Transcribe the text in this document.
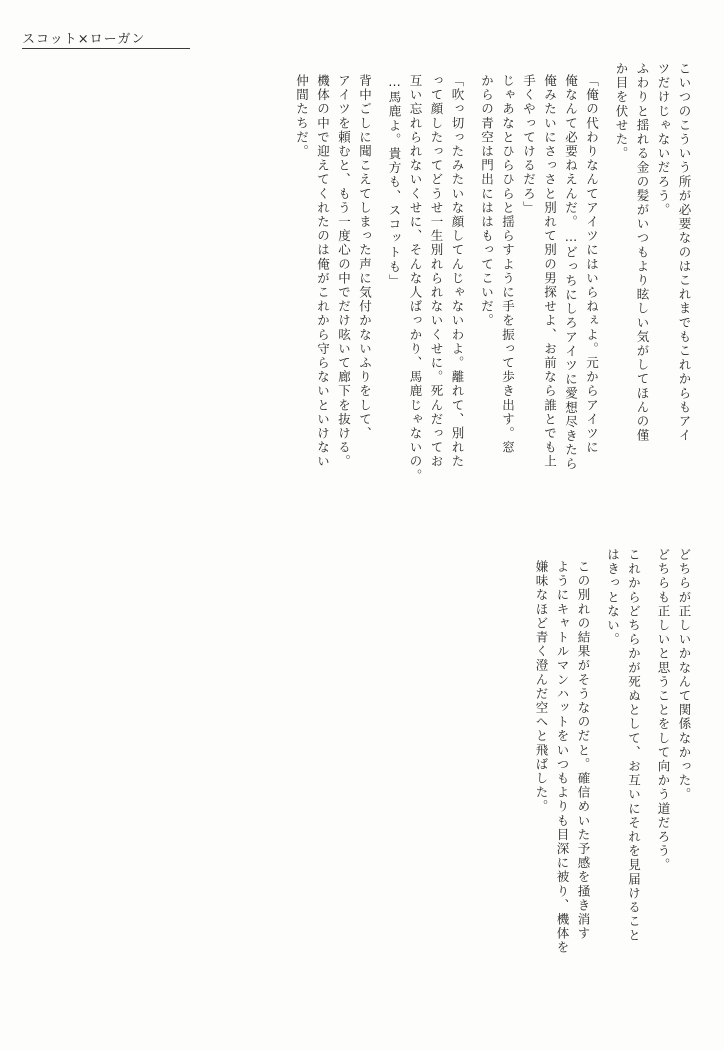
スコット×ローガン
こいつのこういう所が必要なのはこれまでもこれからもアイ
ツだけじゃないだろう。
ふわりと揺れる金の髪がいつもより眩しい気がしてほんの僅
か目を伏せた。
「俺の代わりなんてアイツにはいらねぇよ。元からアイツに
俺なんて必要ねえんだ。…どっちにしろアイツに愛想尽きたら
俺みたいにさっさと別れて別の男探せよ、お前なら誰とでも上
手くやってけるだろ」
じゃあなとひらひらと揺らすように手を振って歩き出す。窓
からの青空は門出にははもってこいだ。
「吹っ切ったみたいな顔してんじゃないわよ。離れて、別れた
って顔したってどうせ一生別れられないくせに。死んだってお
互い忘れられないくせに、そんな人ばっかり、馬鹿じゃないの。
…馬鹿よ。貴方も、スコットも」
背中ごしに聞こえてしまった声に気付かないふりをして、
アイツを頼むと、もう一度心の中でだけ呟いて廊下を抜ける。
機体の中で迎えてくれたのは俺がこれから守らないといけない
仲間たちだ。
どちらが正しいかなんて関係なかった。
どちらも正しいと思うことをして向かう道だろう。
これからどちらかが死ぬとして、お互いにそれを見届けること
はきっとない。
この別れの結果がそうなのだと。確信めいた予感を掻き消す
ようにキャトルマンハットをいつもよりも目深に被り、機体を
嫌味なほど青く澄んだ空へと飛ばした。
